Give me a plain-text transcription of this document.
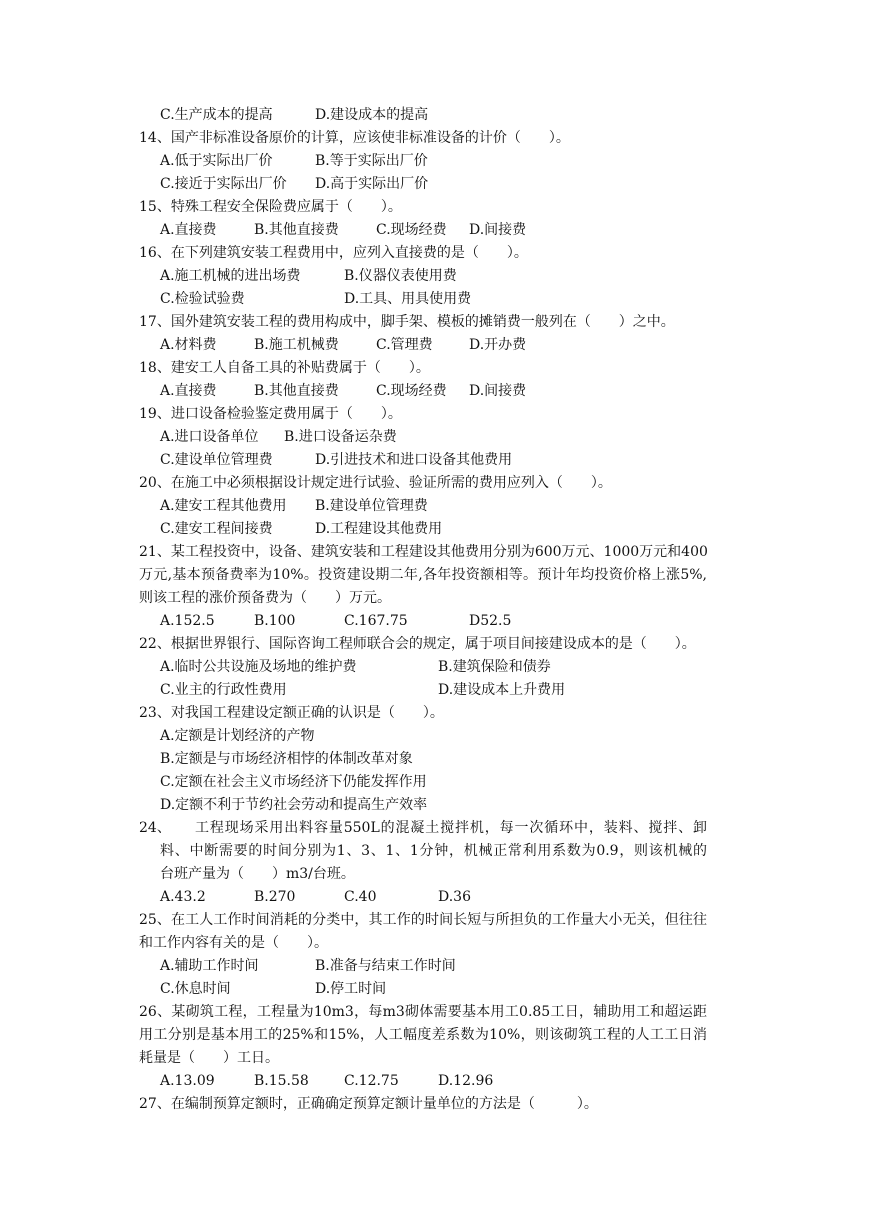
C.生产成本的提高	D.建设成本的提高
14、国产非标准设备原价的计算，应该使非标准设备的计价（　　）。
A.低于实际出厂价	B.等于实际出厂价
C.接近于实际出厂价 D.高于实际出厂价
15、特殊工程安全保险费应属于（　　）。
A.直接费	B.其他直接费	C.现场经费 D.间接费
16、在下列建筑安装工程费用中，应列入直接费的是（　　）。
A.施工机械的进出场费	B.仪器仪表使用费
C.检验试验费	D.工具、用具使用费
17、国外建筑安装工程的费用构成中，脚手架、模板的摊销费一般列在（　　）之中。
A.材料费	B.施工机械费	C.管理费	D.开办费
18、建安工人自备工具的补贴费属于（　　）。
A.直接费	B.其他直接费	C.现场经费 D.间接费
19、进口设备检验鉴定费用属于（　　）。
A.进口设备单位 B.进口设备运杂费
C.建设单位管理费	D.引进技术和进口设备其他费用
20、在施工中必须根据设计规定进行试验、验证所需的费用应列入（　　）。
A.建安工程其他费用 B.建设单位管理费
C.建安工程间接费	D.工程建设其他费用
21、某工程投资中，设备、建筑安装和工程建设其他费用分别为600万元、1000万元和400
万元,基本预备费率为10%。投资建设期二年,各年投资额相等。预计年均投资价格上涨5%,
则该工程的涨价预备费为（　　）万元。
A.152.5	B.100	C.167.75	D52.5
22、根据世界银行、国际咨询工程师联合会的规定，属于项目间接建设成本的是（　　）。
A.临时公共设施及场地的维护费	B.建筑保险和债券
C.业主的行政性费用	D.建设成本上升费用
23、对我国工程建设定额正确的认识是（　　）。
A.定额是计划经济的产物
B.定额是与市场经济相悖的体制改革对象
C.定额在社会主义市场经济下仍能发挥作用
D.定额不利于节约社会劳动和提高生产效率
24、 工程现场采用出料容量550L的混凝土搅拌机，每一次循环中，装料、搅拌、卸
料、中断需要的时间分别为1、3、1、1分钟，机械正常利用系数为0.9，则该机械的
台班产量为（　　）m3/台班。
A.43.2	B.270	C.40	D.36
25、在工人工作时间消耗的分类中，其工作的时间长短与所担负的工作量大小无关，但往往
和工作内容有关的是（　　）。
A.辅助工作时间	B.准备与结束工作时间
C.休息时间	D.停工时间
26、某砌筑工程，工程量为10m3，每m3砌体需要基本用工0.85工日，辅助用工和超运距
用工分别是基本用工的25%和15%，人工幅度差系数为10%，则该砌筑工程的人工工日消
耗量是（　　）工日。
A.13.09	B.15.58	C.12.75	D.12.96
27、在编制预算定额时，正确确定预算定额计量单位的方法是（　　　）。
